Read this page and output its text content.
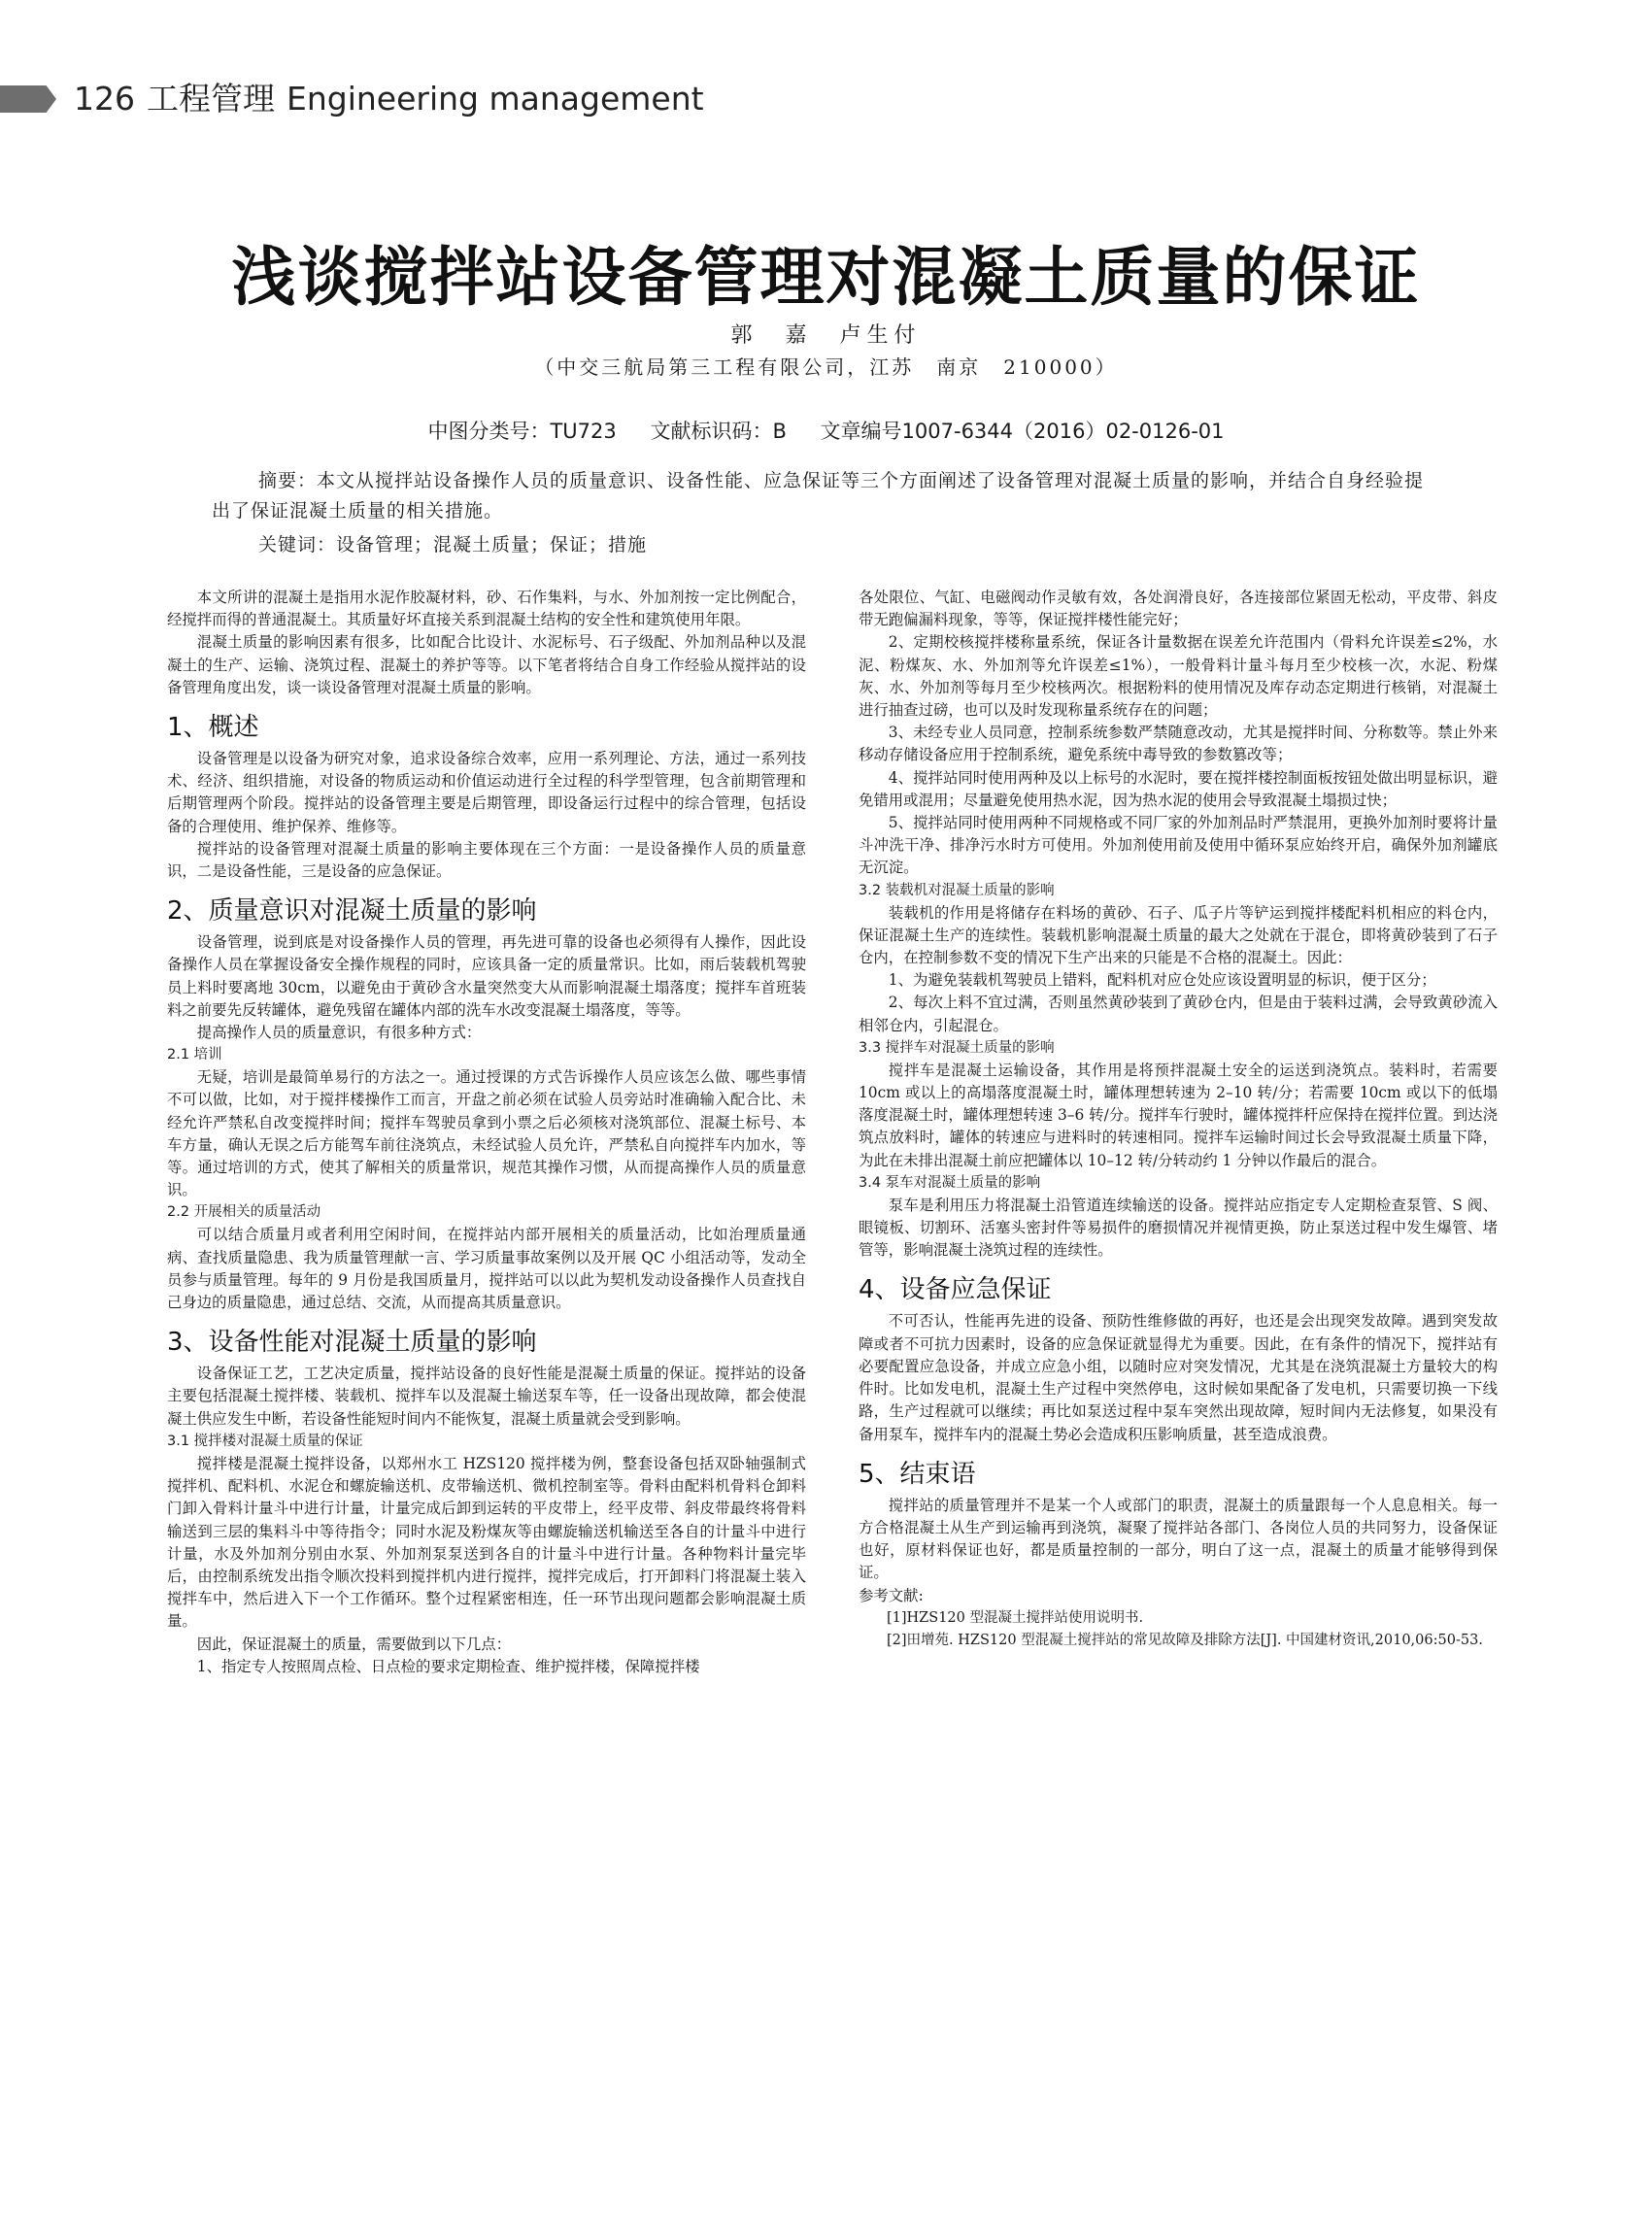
126 工程管理 Engineering management
浅谈搅拌站设备管理对混凝土质量的保证
郭　嘉　卢生付
（中交三航局第三工程有限公司，江苏　南京　210000）
中图分类号：TU723 文献标识码：B 文章编号1007-6344（2016）02-0126-01

摘要：本文从搅拌站设备操作人员的质量意识、设备性能、应急保证等三个方面阐述了设备管理对混凝土质量的影响，并结合自身经验提出了保证混凝土质量的相关措施。

关键词：设备管理；混凝土质量；保证；措施

本文所讲的混凝土是指用水泥作胶凝材料，砂、石作集料，与水、外加剂按一定比例配合，经搅拌而得的普通混凝土。其质量好坏直接关系到混凝土结构的安全性和建筑使用年限。

混凝土质量的影响因素有很多，比如配合比设计、水泥标号、石子级配、外加剂品种以及混凝土的生产、运输、浇筑过程、混凝土的养护等等。以下笔者将结合自身工作经验从搅拌站的设备管理角度出发，谈一谈设备管理对混凝土质量的影响。

1、概述

设备管理是以设备为研究对象，追求设备综合效率，应用一系列理论、方法，通过一系列技术、经济、组织措施，对设备的物质运动和价值运动进行全过程的科学型管理，包含前期管理和后期管理两个阶段。搅拌站的设备管理主要是后期管理，即设备运行过程中的综合管理，包括设备的合理使用、维护保养、维修等。

搅拌站的设备管理对混凝土质量的影响主要体现在三个方面：一是设备操作人员的质量意识，二是设备性能，三是设备的应急保证。

2、质量意识对混凝土质量的影响

设备管理，说到底是对设备操作人员的管理，再先进可靠的设备也必须得有人操作，因此设备操作人员在掌握设备安全操作规程的同时，应该具备一定的质量常识。比如，雨后装载机驾驶员上料时要离地 30cm，以避免由于黄砂含水量突然变大从而影响混凝土塌落度；搅拌车首班装料之前要先反转罐体，避免残留在罐体内部的洗车水改变混凝土塌落度，等等。

提高操作人员的质量意识，有很多种方式：

2.1 培训

无疑，培训是最简单易行的方法之一。通过授课的方式告诉操作人员应该怎么做、哪些事情不可以做，比如，对于搅拌楼操作工而言，开盘之前必须在试验人员旁站时准确输入配合比、未经允许严禁私自改变搅拌时间；搅拌车驾驶员拿到小票之后必须核对浇筑部位、混凝土标号、本车方量，确认无误之后方能驾车前往浇筑点，未经试验人员允许，严禁私自向搅拌车内加水，等等。通过培训的方式，使其了解相关的质量常识，规范其操作习惯，从而提高操作人员的质量意识。

2.2 开展相关的质量活动

可以结合质量月或者利用空闲时间，在搅拌站内部开展相关的质量活动，比如治理质量通病、查找质量隐患、我为质量管理献一言、学习质量事故案例以及开展 QC 小组活动等，发动全员参与质量管理。每年的 9 月份是我国质量月，搅拌站可以以此为契机发动设备操作人员查找自己身边的质量隐患，通过总结、交流，从而提高其质量意识。

3、设备性能对混凝土质量的影响

设备保证工艺，工艺决定质量，搅拌站设备的良好性能是混凝土质量的保证。搅拌站的设备主要包括混凝土搅拌楼、装载机、搅拌车以及混凝土输送泵车等，任一设备出现故障，都会使混凝土供应发生中断，若设备性能短时间内不能恢复，混凝土质量就会受到影响。

3.1 搅拌楼对混凝土质量的保证

搅拌楼是混凝土搅拌设备，以郑州水工 HZS120 搅拌楼为例，整套设备包括双卧轴强制式搅拌机、配料机、水泥仓和螺旋输送机、皮带输送机、微机控制室等。骨料由配料机骨料仓卸料门卸入骨料计量斗中进行计量，计量完成后卸到运转的平皮带上，经平皮带、斜皮带最终将骨料输送到三层的集料斗中等待指令；同时水泥及粉煤灰等由螺旋输送机输送至各自的计量斗中进行计量，水及外加剂分别由水泵、外加剂泵泵送到各自的计量斗中进行计量。各种物料计量完毕后，由控制系统发出指令顺次投料到搅拌机内进行搅拌，搅拌完成后，打开卸料门将混凝土装入搅拌车中，然后进入下一个工作循环。整个过程紧密相连，任一环节出现问题都会影响混凝土质量。

因此，保证混凝土的质量，需要做到以下几点：

1、指定专人按照周点检、日点检的要求定期检查、维护搅拌楼，保障搅拌楼

各处限位、气缸、电磁阀动作灵敏有效，各处润滑良好，各连接部位紧固无松动，平皮带、斜皮带无跑偏漏料现象，等等，保证搅拌楼性能完好；

2、定期校核搅拌楼称量系统，保证各计量数据在误差允许范围内（骨料允许误差≤2%，水泥、粉煤灰、水、外加剂等允许误差≤1%），一般骨料计量斗每月至少校核一次，水泥、粉煤灰、水、外加剂等每月至少校核两次。根据粉料的使用情况及库存动态定期进行核销，对混凝土进行抽查过磅，也可以及时发现称量系统存在的问题；

3、未经专业人员同意，控制系统参数严禁随意改动，尤其是搅拌时间、分称数等。禁止外来移动存储设备应用于控制系统，避免系统中毒导致的参数篡改等；

4、搅拌站同时使用两种及以上标号的水泥时，要在搅拌楼控制面板按钮处做出明显标识，避免错用或混用；尽量避免使用热水泥，因为热水泥的使用会导致混凝土塌损过快；

5、搅拌站同时使用两种不同规格或不同厂家的外加剂品时严禁混用，更换外加剂时要将计量斗冲洗干净、排净污水时方可使用。外加剂使用前及使用中循环泵应始终开启，确保外加剂罐底无沉淀。

3.2 装载机对混凝土质量的影响

装载机的作用是将储存在料场的黄砂、石子、瓜子片等铲运到搅拌楼配料机相应的料仓内，保证混凝土生产的连续性。装载机影响混凝土质量的最大之处就在于混仓，即将黄砂装到了石子仓内，在控制参数不变的情况下生产出来的只能是不合格的混凝土。因此：

1、为避免装载机驾驶员上错料，配料机对应仓处应该设置明显的标识，便于区分；

2、每次上料不宜过满，否则虽然黄砂装到了黄砂仓内，但是由于装料过满，会导致黄砂流入相邻仓内，引起混仓。

3.3 搅拌车对混凝土质量的影响

搅拌车是混凝土运输设备，其作用是将预拌混凝土安全的运送到浇筑点。装料时，若需要 10cm 或以上的高塌落度混凝土时，罐体理想转速为 2–10 转/分；若需要 10cm 或以下的低塌落度混凝土时，罐体理想转速 3–6 转/分。搅拌车行驶时，罐体搅拌杆应保持在搅拌位置。到达浇筑点放料时，罐体的转速应与进料时的转速相同。搅拌车运输时间过长会导致混凝土质量下降，为此在未排出混凝土前应把罐体以 10–12 转/分转动约 1 分钟以作最后的混合。

3.4 泵车对混凝土质量的影响

泵车是利用压力将混凝土沿管道连续输送的设备。搅拌站应指定专人定期检查泵管、S 阀、眼镜板、切割环、活塞头密封件等易损件的磨损情况并视情更换，防止泵送过程中发生爆管、堵管等，影响混凝土浇筑过程的连续性。

4、设备应急保证

不可否认，性能再先进的设备、预防性维修做的再好，也还是会出现突发故障。遇到突发故障或者不可抗力因素时，设备的应急保证就显得尤为重要。因此，在有条件的情况下，搅拌站有必要配置应急设备，并成立应急小组，以随时应对突发情况，尤其是在浇筑混凝土方量较大的构件时。比如发电机，混凝土生产过程中突然停电，这时候如果配备了发电机，只需要切换一下线路，生产过程就可以继续；再比如泵送过程中泵车突然出现故障，短时间内无法修复，如果没有备用泵车，搅拌车内的混凝土势必会造成积压影响质量，甚至造成浪费。

5、结束语

搅拌站的质量管理并不是某一个人或部门的职责，混凝土的质量跟每一个人息息相关。每一方合格混凝土从生产到运输再到浇筑，凝聚了搅拌站各部门、各岗位人员的共同努力，设备保证也好，原材料保证也好，都是质量控制的一部分，明白了这一点，混凝土的质量才能够得到保证。

参考文献:

[1]HZS120 型混凝土搅拌站使用说明书.

[2]田增苑. HZS120 型混凝土搅拌站的常见故障及排除方法[J]. 中国建材资讯,2010,06:50-53.
